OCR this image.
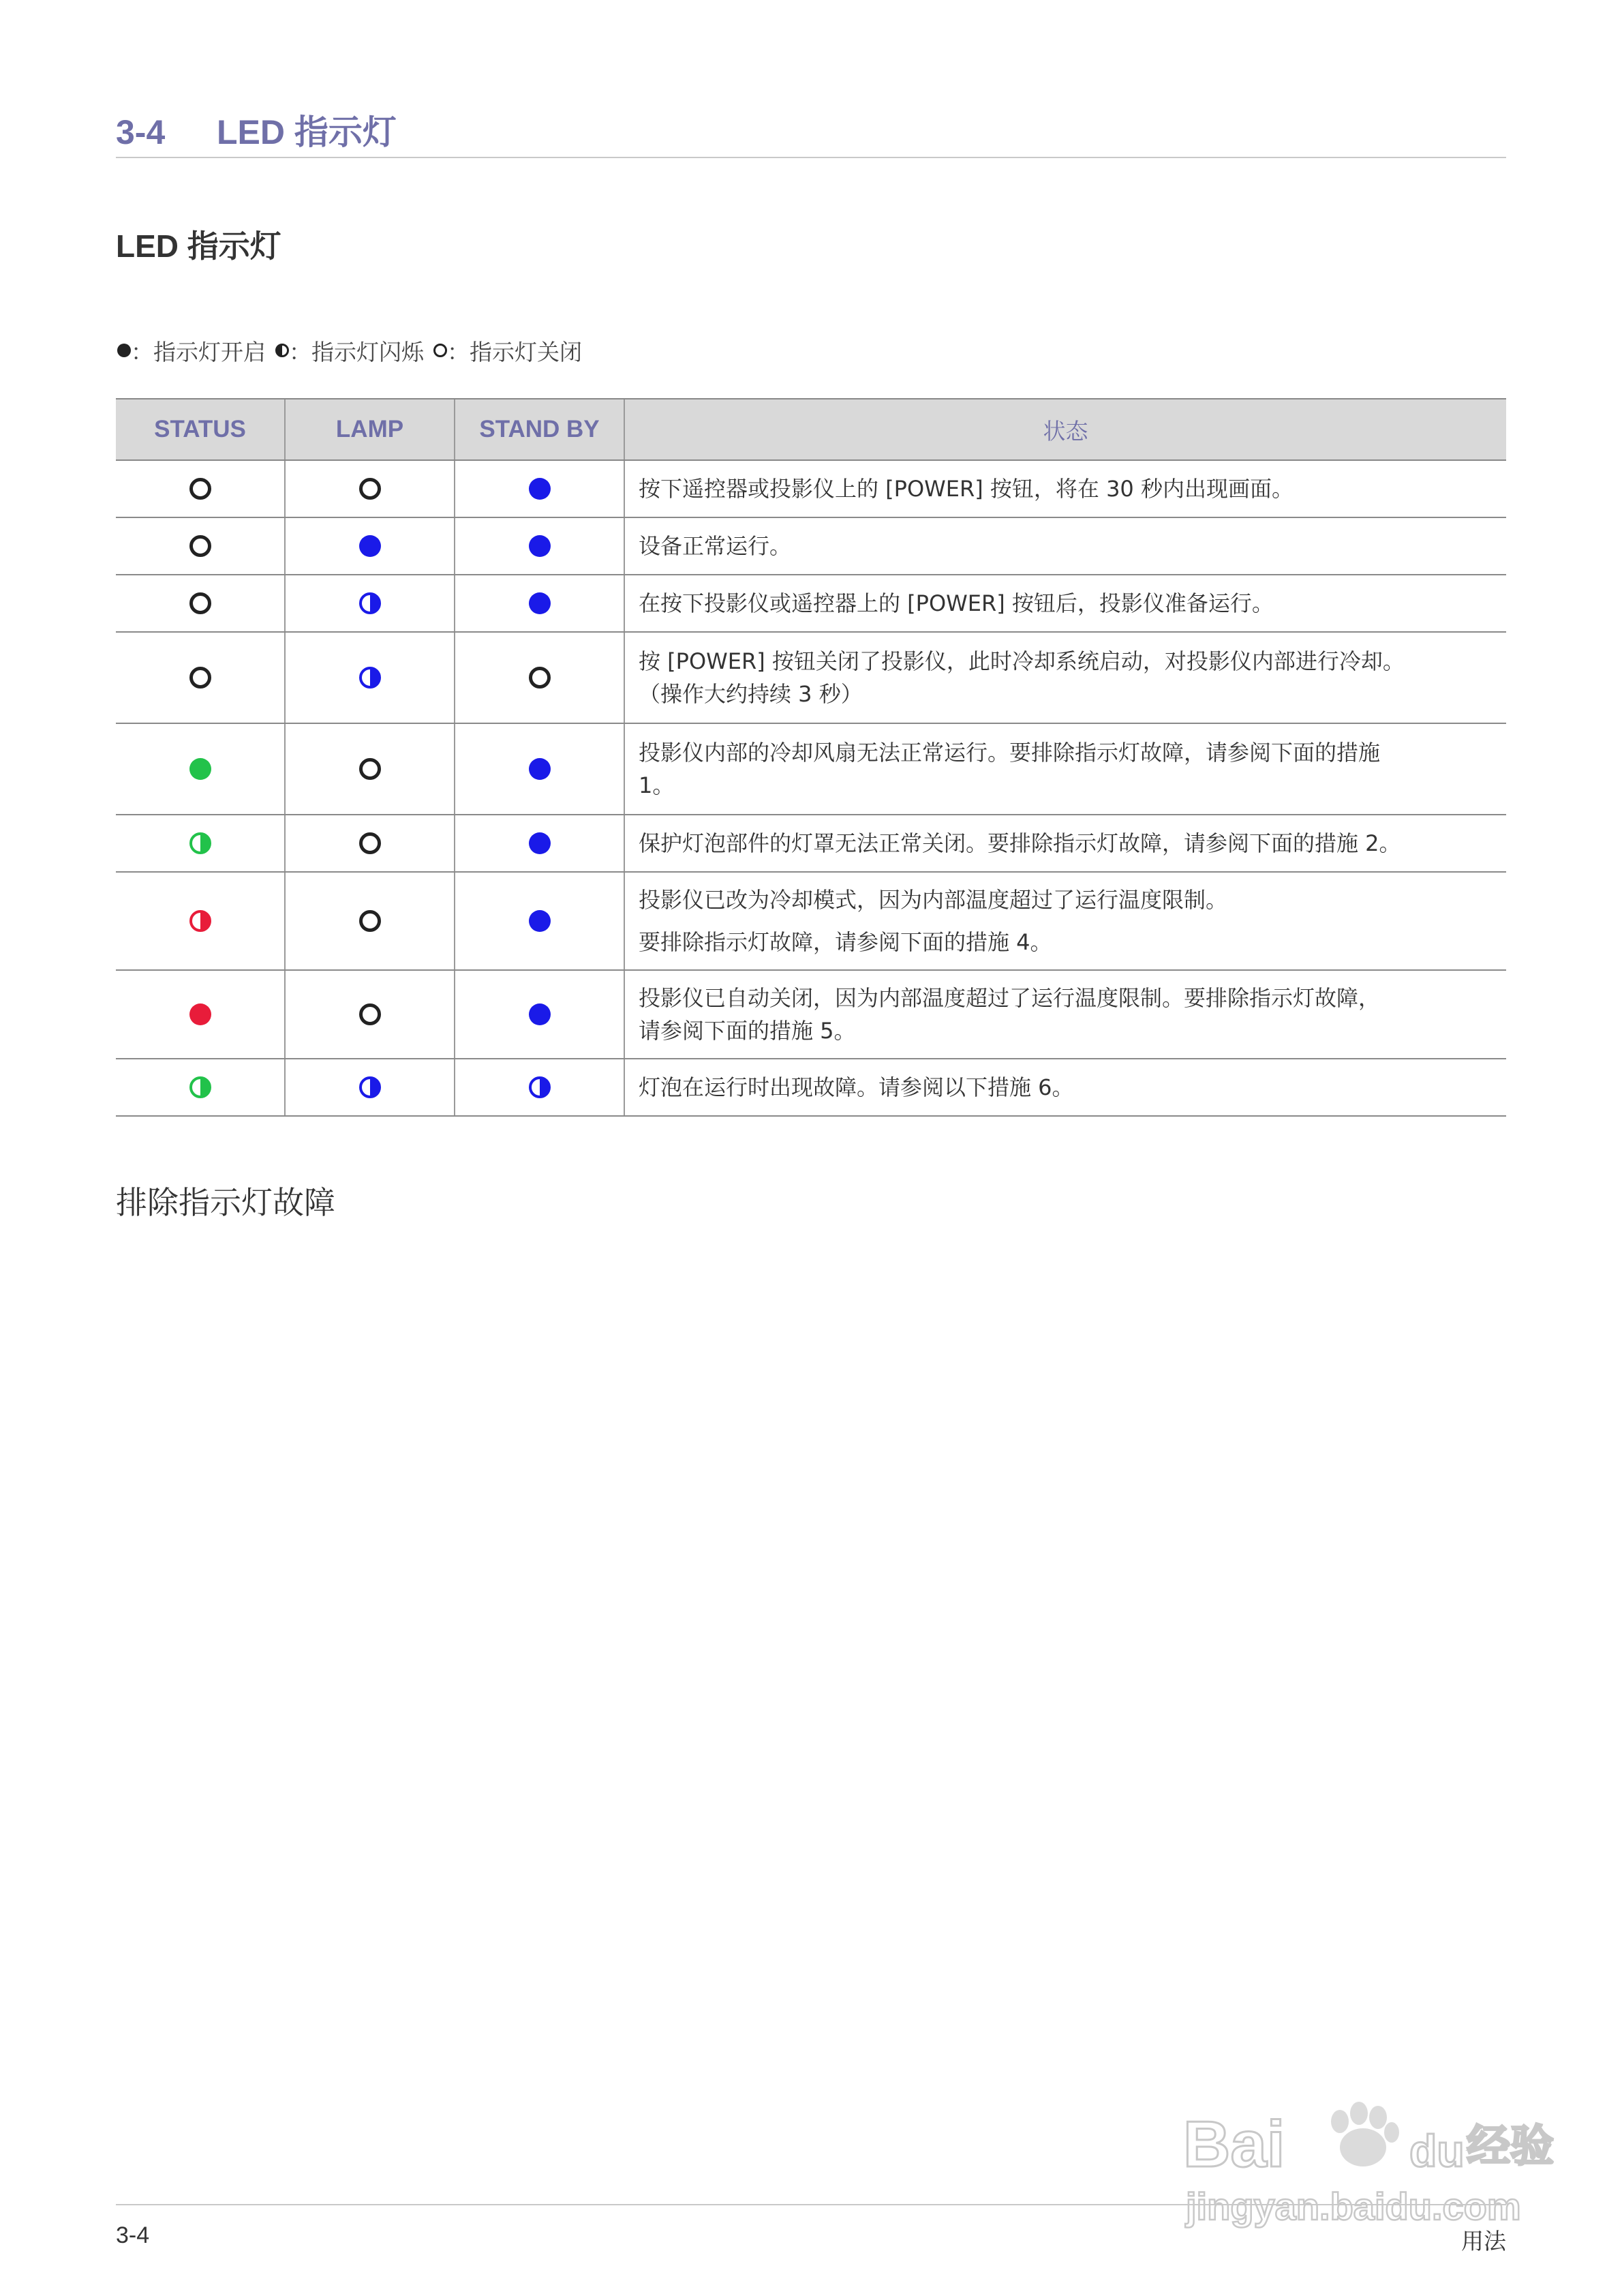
3-4 LED 指示灯
LED 指示灯
：指示灯开启 ：指示灯闪烁 ：指示灯关闭
STATUS	LAMP	STAND BY	状态

			按下遥控器或投影仪上的 [POWER] 按钮，将在 30 秒内出现画面。

			设备正常运行。

			在按下投影仪或遥控器上的 [POWER] 按钮后，投影仪准备运行。

			按 [POWER] 按钮关闭了投影仪，此时冷却系统启动，对投影仪内部进行冷却。
（操作大约持续 3 秒）

			投影仪内部的冷却风扇无法正常运行。要排除指示灯故障，请参阅下面的措施
1。

			保护灯泡部件的灯罩无法正常关闭。要排除指示灯故障，请参阅下面的措施 2。

			投影仪已改为冷却模式，因为内部温度超过了运行温度限制。
要排除指示灯故障，请参阅下面的措施 4。

			投影仪已自动关闭，因为内部温度超过了运行温度限制。要排除指示灯故障，
请参阅下面的措施 5。

			灯泡在运行时出现故障。请参阅以下措施 6。
排除指示灯故障
Bai	du 经验
jingyan.baidu.com
3-4	用法
